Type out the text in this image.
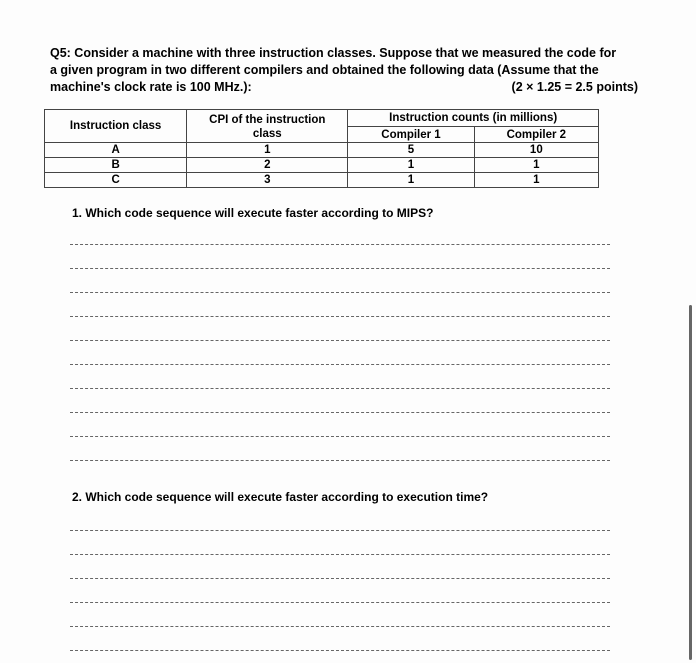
Q5: Consider a machine with three instruction classes. Suppose that we measured the code for
a given program in two different compilers and obtained the following data (Assume that the
machine's clock rate is 100 MHz.):	(2 × 1.25 = 2.5 points)
Instruction class	CPI of the instruction	Instruction counts (in millions)	
	class	Compiler 1	Compiler 2
A	1	5	10
B	2	1	1
C	3	1	1
1. Which code sequence will execute faster according to MIPS?
2. Which code sequence will execute faster according to execution time?
